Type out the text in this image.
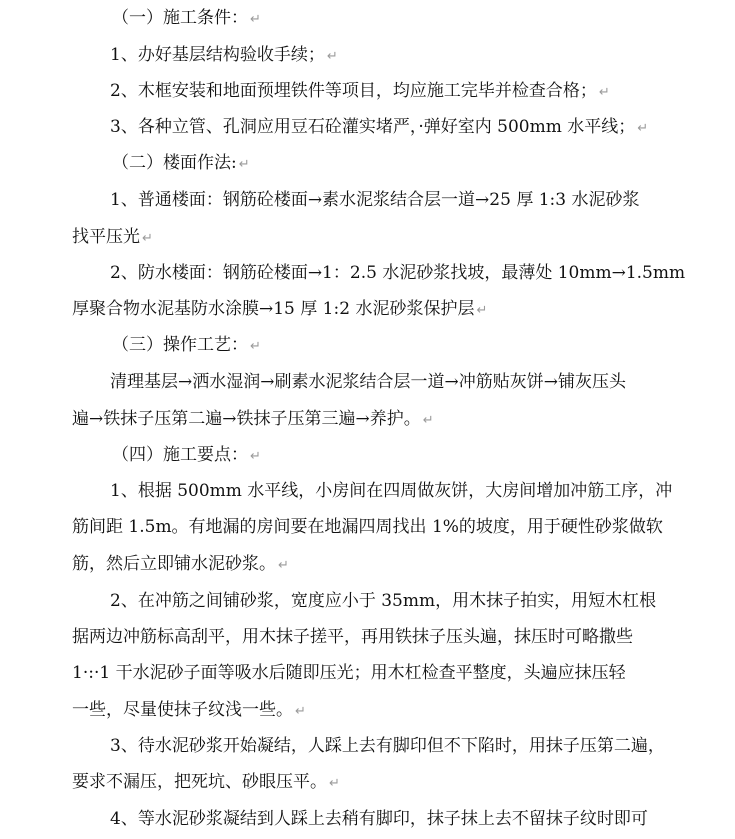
（一）施工条件： ↵
1、办好基层结构验收手续； ↵
2、木框安装和地面预埋铁件等项目，均应施工完毕并检查合格； ↵
3、各种立管、孔洞应用豆石砼灌实堵严，·弹好室内 500mm 水平线； ↵
（二）楼面作法: ↵
1、普通楼面：钢筋砼楼面→素水泥浆结合层一道→25 厚 1:3 水泥砂浆
找平压光 ↵
2、防水楼面：钢筋砼楼面→1：2.5 水泥砂浆找坡，最薄处 10mm→1.5mm
厚聚合物水泥基防水涂膜→15 厚 1:2 水泥砂浆保护层 ↵
（三）操作工艺： ↵
清理基层→洒水湿润→刷素水泥浆结合层一道→冲筋贴灰饼→铺灰压头
遍→铁抹子压第二遍→铁抹子压第三遍→养护。 ↵
（四）施工要点： ↵
1、根据 500mm 水平线，小房间在四周做灰饼，大房间增加冲筋工序，冲
筋间距 1.5m。有地漏的房间要在地漏四周找出 1%的坡度，用于硬性砂浆做软
筋，然后立即铺水泥砂浆。 ↵
2、在冲筋之间铺砂浆，宽度应小于 35mm，用木抹子拍实，用短木杠根
据两边冲筋标高刮平，用木抹子搓平，再用铁抹子压头遍，抹压时可略撒些
1·:·1 干水泥砂子面等吸水后随即压光；用木杠检查平整度，头遍应抹压轻
一些，尽量使抹子纹浅一些。 ↵
3、待水泥砂浆开始凝结，人踩上去有脚印但不下陷时，用抹子压第二遍，
要求不漏压，把死坑、砂眼压平。 ↵
4、等水泥砂浆凝结到人踩上去稍有脚印，抹子抹上去不留抹子纹时即可
